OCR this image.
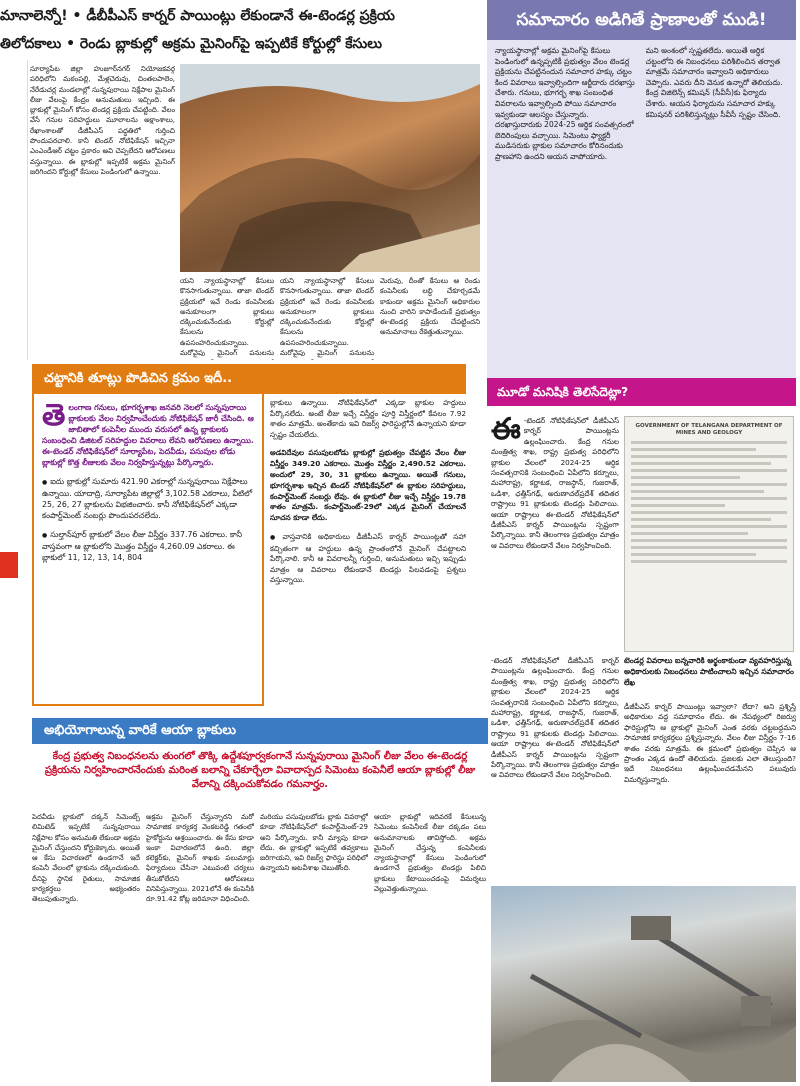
మానాలెన్నో! • డీబీపీఎస్ కార్నర్ పాయింట్లు లేకుండానే ఈ-టెండర్ల ప్రక్రియ
తిలోదకాలు • రెండు బ్లాకుల్లో అక్రమ మైనింగ్‌పై ఇప్పటికే కోర్టుల్లో కేసులు

సూర్యాపేట జిల్లా హుజూర్‌నగర్ నియోజకవర్గ పరిధిలోని మఠంపల్లి, మేళ్లచెరువు, చింతలపాలెం, నేరేడుచర్ల మండలాల్లో సున్నపురాయి నిక్షేపాల మైనింగ్ లీజు వేలంపై కేంద్రం అనుమతులు ఇచ్చింది. ఈ బ్లాకుల్లో మైనింగ్ కోసం టెండర్ల ప్రక్రియ చేపట్టింది. వేలం వేసే గనుల సరిహద్దులు మూలాలను అక్షాంశాలు, రేఖాంశాలతో డీజీపీఎస్ పద్ధతిలో గుర్తించి పొందుపరచాలి. కానీ టెండర్ నోటిఫికేషన్ ఇచ్చినా ఎంఎండీఆర్ చట్టం ప్రకారం అవి చెప్పలేదని ఆరోపణలు వస్తున్నాయి. ఈ బ్లాకుల్లో ఇప్పటికే అక్రమ మైనింగ్ జరిగిందని కోర్టుల్లో కేసులు పెండింగులో ఉన్నాయి.

యని న్యాయస్థానాల్లో కేసులు కొనసాగుతున్నాయి. తాజా టెండర్ ప్రక్రియలో ఇవే రెండు కంపెనీలకు అనుకూలంగా బ్లాకులు దక్కించుకునేందుకు కోర్టుల్లో కేసులను ఉపసంహరించుకున్నాయి. మరోవైపు మైనింగ్ పనులను

యని న్యాయస్థానాల్లో కేసులు కొనసాగుతున్నాయి. తాజా టెండర్ ప్రక్రియలో ఇవే రెండు కంపెనీలకు అనుకూలంగా బ్లాకులు దక్కించుకునేందుకు కోర్టుల్లో కేసులను ఉపసంహరించుకున్నాయి. మరోవైపు మైనింగ్ పనులను

మెరువు, దీంతో కేసులు ఆ రెండు కంపెనీలకు లబ్ధి చేకూర్చడమే కాకుండా అక్రమ మైనింగ్ అధికారుల నుంచి వారిని కాపాడేందుకే ప్రభుత్వం ఈ-టెండర్ల ప్రక్రియ చేపట్టిందని అనుమానాలు రేకెత్తుతున్నాయి.

సమాచారం అడిగితే ప్రాణాలతో ముడి!

న్యాయస్థానాల్లో అక్రమ మైనింగ్‌పై కేసులు పెండింగులో ఉన్నప్పటికీ ప్రభుత్వం వేలం టెండర్ల ప్రక్రియను చేపట్టినందున సమాచార హక్కు చట్టం కింద వివరాలు ఇవ్వాల్సిందిగా ఆర్జీదారు దరఖాస్తు చేశారు. గనులు, భూగర్భ శాఖ సంబంధిత వివరాలను ఇవ్వాల్సింది పోయి సమాచారం ఇవ్వకుండా ఆలస్యం చేస్తున్నారు. దరఖాస్తుదారుకు 2024-25 ఆర్థిక సంవత్సరంలో బెదిరింపులు వచ్చాయి. సిమెంటు ఫ్యాక్టరీ ముడిసరుకు బ్లాకుల సమాచారం కోరినందుకు ప్రాణహాని ఉందని ఆయన వాపోయారు.

మని అంశంలో స్పష్టతలేదు. అయితే ఆర్థిక చట్టంలోని ఈ నిబంధనలు పరిశీలించిన తర్వాత మాత్రమే సమాచారం ఇవ్వాలని అధికారులు చెప్పారు. ఎవరు దీని వెనుక ఉన్నారో తెలియదు. కేంద్ర విజిలెన్స్ కమిషన్ (సీవీసీ)కు ఫిర్యాదు చేశారు. ఆయన ఫిర్యాదును సమాచార హక్కు కమిషనర్ పరిశీలిస్తున్నట్లు సీవీసీ స్పష్టం చేసింది.

చట్టానికి తూట్లు పొడిచిన క్రమం ఇదీ..
తె లంగాణ గనులు, భూగర్భశాఖ జనవరి నెలలో సున్నపురాయి బ్లాకులకు వేలం నిర్వహించేందుకు నోటిఫికేషన్ జారీ చేసింది. ఆ జాబితాలో కంపెనీల ముందు వరుసలో ఉన్న బ్లాకులకు సంబంధించి డిజిటల్ సరిహద్దుల వివరాలు లేవని ఆరోపణలు ఉన్నాయి. ఈ-టెండర్ నోటిఫికేషన్‌లో సూర్యాపేట, పెదవీడు, పసుపుల బోడు బ్లాకుల్లో కొత్త లీజులకు వేలం నిర్వహిస్తున్నట్లు పేర్కొన్నారు.
● ఐదు బ్లాకుల్లో సుమారు 421.90 ఎకరాల్లో సున్నపురాయి నిక్షేపాలు ఉన్నాయి. యాదాద్రి, సూర్యాపేట జిల్లాల్లో 3,102.58 ఎకరాలు, వీటిలో 25, 26, 27 బ్లాకులను విభజించారు. కానీ నోటిఫికేషన్‌లో ఎక్కడా కంపార్ట్‌మెంట్ నంబర్లు పొందుపరచలేదు.
● సుల్తాన్‌పూర్ బ్లాకులో వేలం లీజు విస్తీర్ణం 337.76 ఎకరాలు. కానీ వాస్తవంగా ఆ బ్లాకులోని మొత్తం విస్తీర్ణం 4,260.09 ఎకరాలు. ఈ బ్లాకులో 11, 12, 13, 14, 804

బ్లాకులు ఉన్నాయి. నోటిఫికేషన్‌లో ఎక్కడా బ్లాకుల హద్దులు పేర్కొనలేదు. అంటే లీజు ఇచ్చే విస్తీర్ణం పూర్తి విస్తీర్ణంలో కేవలం 7.92 శాతం మాత్రమే. అంతేకాదు ఇవి రిజర్వ్ ఫారెస్టుల్లోనే ఉన్నాయని కూడా స్పష్టం చేయలేదు.

అడవిదేవుల పసుపులబోడు బ్లాకుల్లో ప్రభుత్వం చేపట్టిన వేలం లీజు విస్తీర్ణం 349.20 ఎకరాలు. మొత్తం విస్తీర్ణం 2,490.52 ఎకరాలు. అందులో 29, 30, 31 బ్లాకులు ఉన్నాయి. అయితే గనులు, భూగర్భశాఖ ఇచ్చిన టెండర్ నోటిఫికేషన్‌లో ఈ బ్లాకుల సరిహద్దులు, కంపార్ట్‌మెంట్ నంబర్లు లేవు. ఈ బ్లాకులో లీజు ఇచ్చే విస్తీర్ణం 19.78 శాతం మాత్రమే. కంపార్ట్‌మెంట్-29లో ఎక్కడ మైనింగ్ చేయాలనే సూచన కూడా లేదు.

● వాస్తవానికి అధికారులు డీజీపీఎస్ కార్నర్ పాయింట్లతో సహా కచ్చితంగా ఆ హద్దులు ఉన్న ప్రాంతంలోనే మైనింగ్ చేపట్టాలని పేర్కొనాలి. కానీ ఆ వివరాలన్నీ గుర్తించి, అనుమతులు ఇచ్చి ఇప్పుడు మాత్రం ఆ వివరాలు లేకుండానే టెండర్లు పిలవడంపై ప్రశ్నలు వస్తున్నాయి.

అభియోగాలున్న వారికే ఆయా బ్లాకులు
కేంద్ర ప్రభుత్వ నిబంధనలను తుంగలో తొక్కి ఉద్దేశపూర్వకంగానే సున్నపురాయి మైనింగ్ లీజు వేలం ఈ-టెండర్ల ప్రక్రియను నిర్వహించారనేందుకు మరింత బలాన్ని చేకూర్చేలా వివాదాస్పద సిమెంటు కంపెనీలే ఆయా బ్లాకుల్లో లీజు వేలాన్ని దక్కించుకోవడం గమనార్హం.

పెదవీడు బ్లాకులో దక్కన్ సిమెంట్స్ లిమిటెడ్ ఇప్పటికే సున్నపురాయి నిక్షేపాల కోసం అనుమతి లేకుండా అక్రమ మైనింగ్ చేస్తుందని కోర్టుకెక్కారు. అయితే ఆ కేసు విచారణలో ఉండగానే ఇదే కంపెనీ వేలంలో బ్లాకును దక్కించుకుంది. దీనిపై స్థానిక రైతులు, సామాజిక కార్యకర్తలు అభ్యంతరం తెలుపుతున్నారు.

అక్రమ మైనింగ్ చేస్తున్నారని మరో సామాజిక కార్యకర్త వెంకటరెడ్డి గతంలో హైకోర్టును ఆశ్రయించారు. ఈ కేసు కూడా ఇంకా విచారణలోనే ఉంది. జిల్లా కలెక్టర్‌కు, మైనింగ్ శాఖకు పలుమార్లు ఫిర్యాదులు చేసినా ఎటువంటి చర్యలు తీసుకోలేదని ఆరోపణలు వినిపిస్తున్నాయి. 2021లోనే ఈ కంపెనీకి రూ.91.42 కోట్ల జరిమానా విధించింది.

మరియు పసుపులబోడు బ్లాకు వివరాల్లో కూడా నోటిఫికేషన్‌లో కంపార్ట్‌మెంట్-29 అని పేర్కొన్నారు. కానీ మ్యాపు కూడా లేదు. ఈ బ్లాకుల్లో ఇప్పటికే తవ్వకాలు జరిగాయని, ఇవి రిజర్వ్ ఫారెస్టు పరిధిలో ఉన్నాయని అటవీశాఖ చెబుతోంది.

ఆయా బ్లాకుల్లో ఇదివరకే కేసులున్న సిమెంటు కంపెనీలకే లీజు దక్కడం పలు అనుమానాలకు తావిస్తోంది. అక్రమ మైనింగ్ చేస్తున్న కంపెనీలకు న్యాయస్థానాల్లో కేసులు పెండింగులో ఉండగానే ప్రభుత్వం టెండర్లు పిలిచి బ్లాకులు కేటాయించడంపై విమర్శలు వెల్లువెత్తుతున్నాయి.

మూడో మనిషికి తెలిసేదెట్లా?
ఈ -టెండర్ నోటిఫికేషన్‌లో డీజీపీఎస్ కార్నర్ పాయింట్లను ఉల్లంఘించారు. కేంద్ర గనుల మంత్రిత్వ శాఖ, రాష్ట్ర ప్రభుత్వ పరిధిలోని బ్లాకుల వేలంలో 2024-25 ఆర్థిక సంవత్సరానికి సంబంధించి ఏపీలోని కర్నూలు, మహారాష్ట్ర, కర్ణాటక, రాజస్థాన్, గుజరాత్, ఒడిశా, ఛత్తీస్‌గఢ్, అరుణాచల్‌ప్రదేశ్ తదితర రాష్ట్రాలు 91 బ్లాకులకు టెండర్లు పిలిచాయి. ఆయా రాష్ట్రాలు ఈ-టెండర్ నోటిఫికేషన్‌లో డీజీపీఎస్ కార్నర్ పాయింట్లను స్పష్టంగా పేర్కొన్నాయి. కానీ తెలంగాణ ప్రభుత్వం మాత్రం ఆ వివరాలు లేకుండానే వేలం నిర్వహించింది.
GOVERNMENT OF TELANGANA DEPARTMENT OF MINES AND GEOLOGY
టెండర్ల వివరాలు ఐన్నవారికి అర్థంకాకుండా వ్యవహరిస్తున్న అధికారులకు నిబంధనలు పాటించాలని ఇచ్చిన సమాచారం లేఖ

డీజీపీఎస్ కార్నర్ పాయింట్లు ఇవ్వాలా? లేదా? అని ప్రశ్నిస్తే అధికారుల వద్ద సమాధానం లేదు. ఈ నేపథ్యంలో రిజర్వు ఫారెస్టుల్లోని ఆ బ్లాకుల్లో మైనింగ్ ఎంత వరకు చట్టబద్ధమని సామాజిక కార్యకర్తలు ప్రశ్నిస్తున్నారు. వేలం లీజు విస్తీర్ణం 7-16 శాతం వరకు మాత్రమే. ఈ క్రమంలో ప్రభుత్వం చెప్పిన ఆ ప్రాంతం ఎక్కడ ఉందో తెలియదు. ప్రజలకు ఎలా తెలుస్తుంది? ఇదే నిబంధనలు ఉల్లంఘించడమేనని పలువురు విమర్శిస్తున్నారు.

-టెండర్ నోటిఫికేషన్‌లో డీజీపీఎస్ కార్నర్ పాయింట్లను ఉల్లంఘించారు. కేంద్ర గనుల మంత్రిత్వ శాఖ, రాష్ట్ర ప్రభుత్వ పరిధిలోని బ్లాకుల వేలంలో 2024-25 ఆర్థిక సంవత్సరానికి సంబంధించి ఏపీలోని కర్నూలు, మహారాష్ట్ర, కర్ణాటక, రాజస్థాన్, గుజరాత్, ఒడిశా, ఛత్తీస్‌గఢ్, అరుణాచల్‌ప్రదేశ్ తదితర రాష్ట్రాలు 91 బ్లాకులకు టెండర్లు పిలిచాయి. ఆయా రాష్ట్రాలు ఈ-టెండర్ నోటిఫికేషన్‌లో డీజీపీఎస్ కార్నర్ పాయింట్లను స్పష్టంగా పేర్కొన్నాయి. కానీ తెలంగాణ ప్రభుత్వం మాత్రం ఆ వివరాలు లేకుండానే వేలం నిర్వహించింది.
